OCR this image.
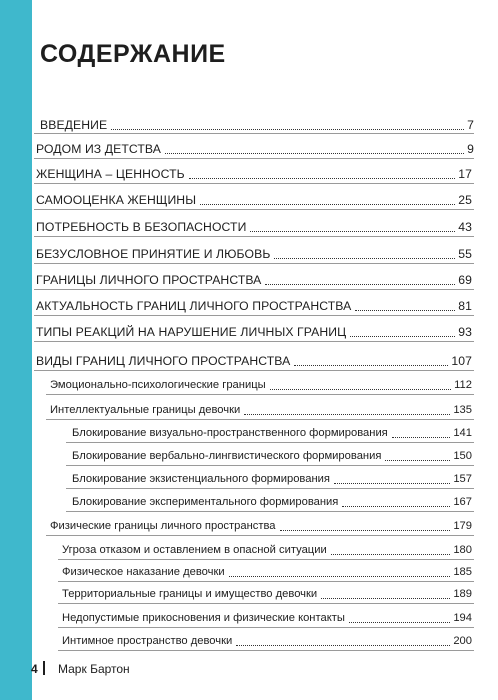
СОДЕРЖАНИЕ
ВВЕДЕНИЕ	7
РОДОМ ИЗ ДЕТСТВА	9
ЖЕНЩИНА – ЦЕННОСТЬ	17
САМООЦЕНКА ЖЕНЩИНЫ	25
ПОТРЕБНОСТЬ В БЕЗОПАСНОСТИ	43
БЕЗУСЛОВНОЕ ПРИНЯТИЕ И ЛЮБОВЬ	55
ГРАНИЦЫ ЛИЧНОГО ПРОСТРАНСТВА	69
АКТУАЛЬНОСТЬ ГРАНИЦ ЛИЧНОГО ПРОСТРАНСТВА	81
ТИПЫ РЕАКЦИЙ НА НАРУШЕНИЕ ЛИЧНЫХ ГРАНИЦ	93
ВИДЫ ГРАНИЦ ЛИЧНОГО ПРОСТРАНСТВА	107
Эмоционально-психологические границы	112
Интеллектуальные границы девочки	135
Блокирование визуально-пространственного формирования	141
Блокирование вербально-лингвистического формирования	150
Блокирование экзистенциального формирования	157
Блокирование экспериментального формирования	167
Физические границы личного пространства	179
Угроза отказом и оставлением в опасной ситуации	180
Физическое наказание девочки	185
Территориальные границы и имущество девочки	189
Недопустимые прикосновения и физические контакты	194
Интимное пространство девочки	200
4 Марк Бартон
